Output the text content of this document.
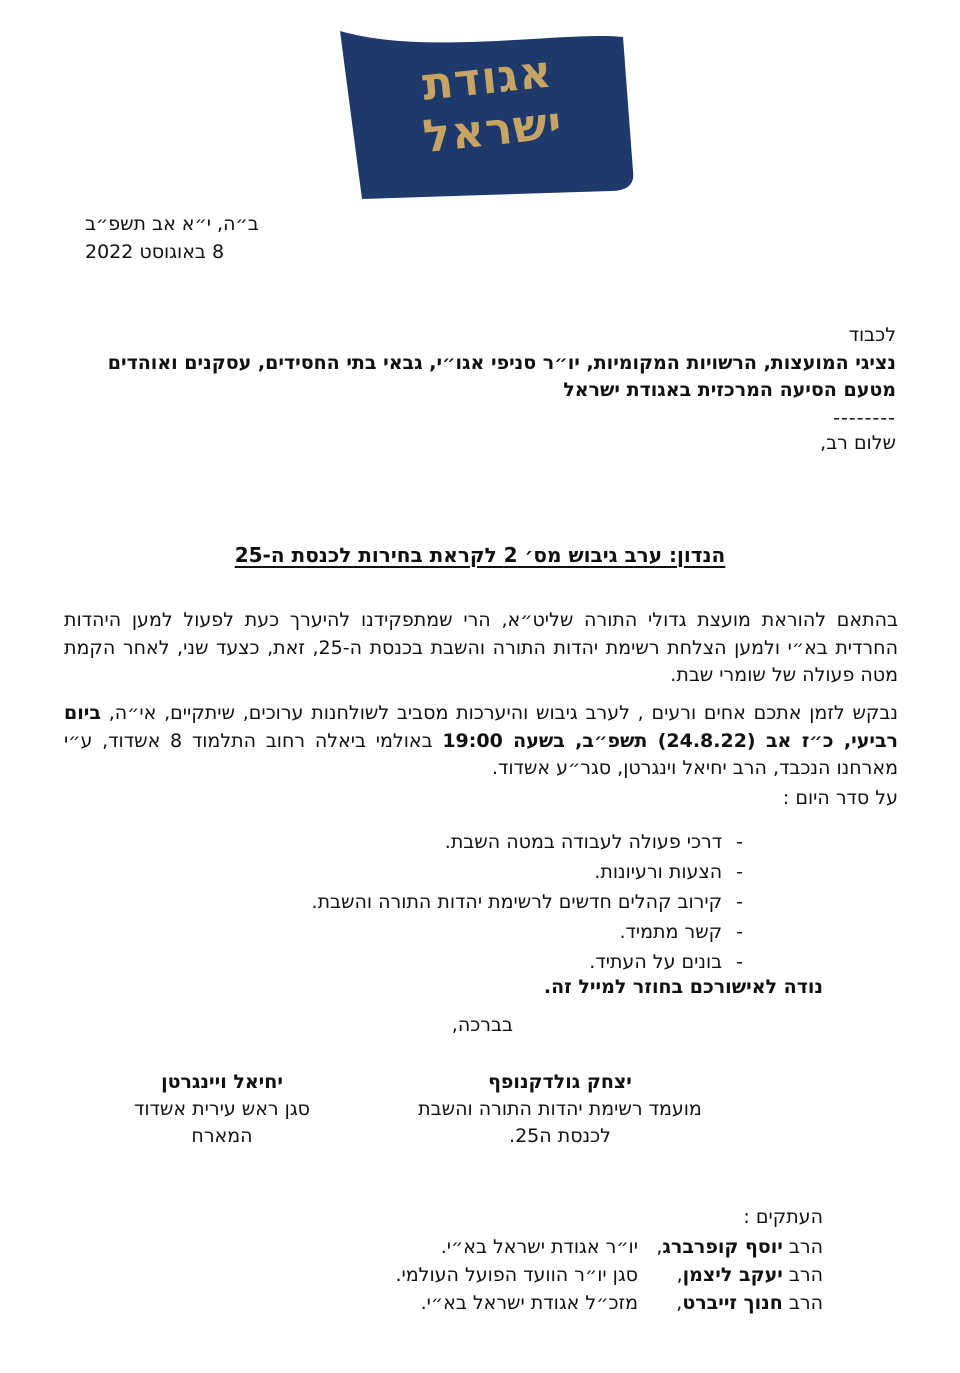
אגודת
ישראל
ב״ה, י״א אב תשפ״ב
8 באוגוסט 2022
לכבוד
נציגי המועצות, הרשויות המקומיות, יו״ר סניפי אגו״י, גבאי בתי החסידים, עסקנים ואוהדים
מטעם הסיעה המרכזית באגודת ישראל
--------
שלום רב,
הנדון: ערב גיבוש מס׳ 2 לקראת בחירות לכנסת ה-25
בהתאם להוראת מועצת גדולי התורה שליט״א, הרי שמתפקידנו להיערך כעת לפעול למען היהדות החרדית בא״י ולמען הצלחת רשימת יהדות התורה והשבת בכנסת ה-25, זאת, כצעד שני, לאחר הקמת מטה פעולה של שומרי שבת.
נבקש לזמן אתכם אחים ורעים , לערב גיבוש והיערכות מסביב לשולחנות ערוכים, שיתקיים, אי״ה, ביום רביעי, כ״ז אב (24.8.22) תשפ״ב, בשעה 19:00 באולמי ביאלה רחוב התלמוד 8 אשדוד, ע״י מארחנו הנכבד, הרב יחיאל וינגרטן, סגר״ע אשדוד.
על סדר היום :
-
דרכי פעולה לעבודה במטה השבת.
-
הצעות ורעיונות.
-
קירוב קהלים חדשים לרשימת יהדות התורה והשבת.
-
קשר מתמיד.
-
בונים על העתיד.
נודה לאישורכם בחוזר למייל זה.
בברכה,
יצחק גולדקנופף
מועמד רשימת יהדות התורה והשבת
לכנסת ה25.
יחיאל ויינגרטן
סגן ראש עירית אשדוד
המארח
העתקים :
הרב יוסף קופרברג,
יו״ר אגודת ישראל בא״י.
הרב יעקב ליצמן,
סגן יו״ר הוועד הפועל העולמי.
הרב חנוך זייברט,
מזכ״ל אגודת ישראל בא״י.
